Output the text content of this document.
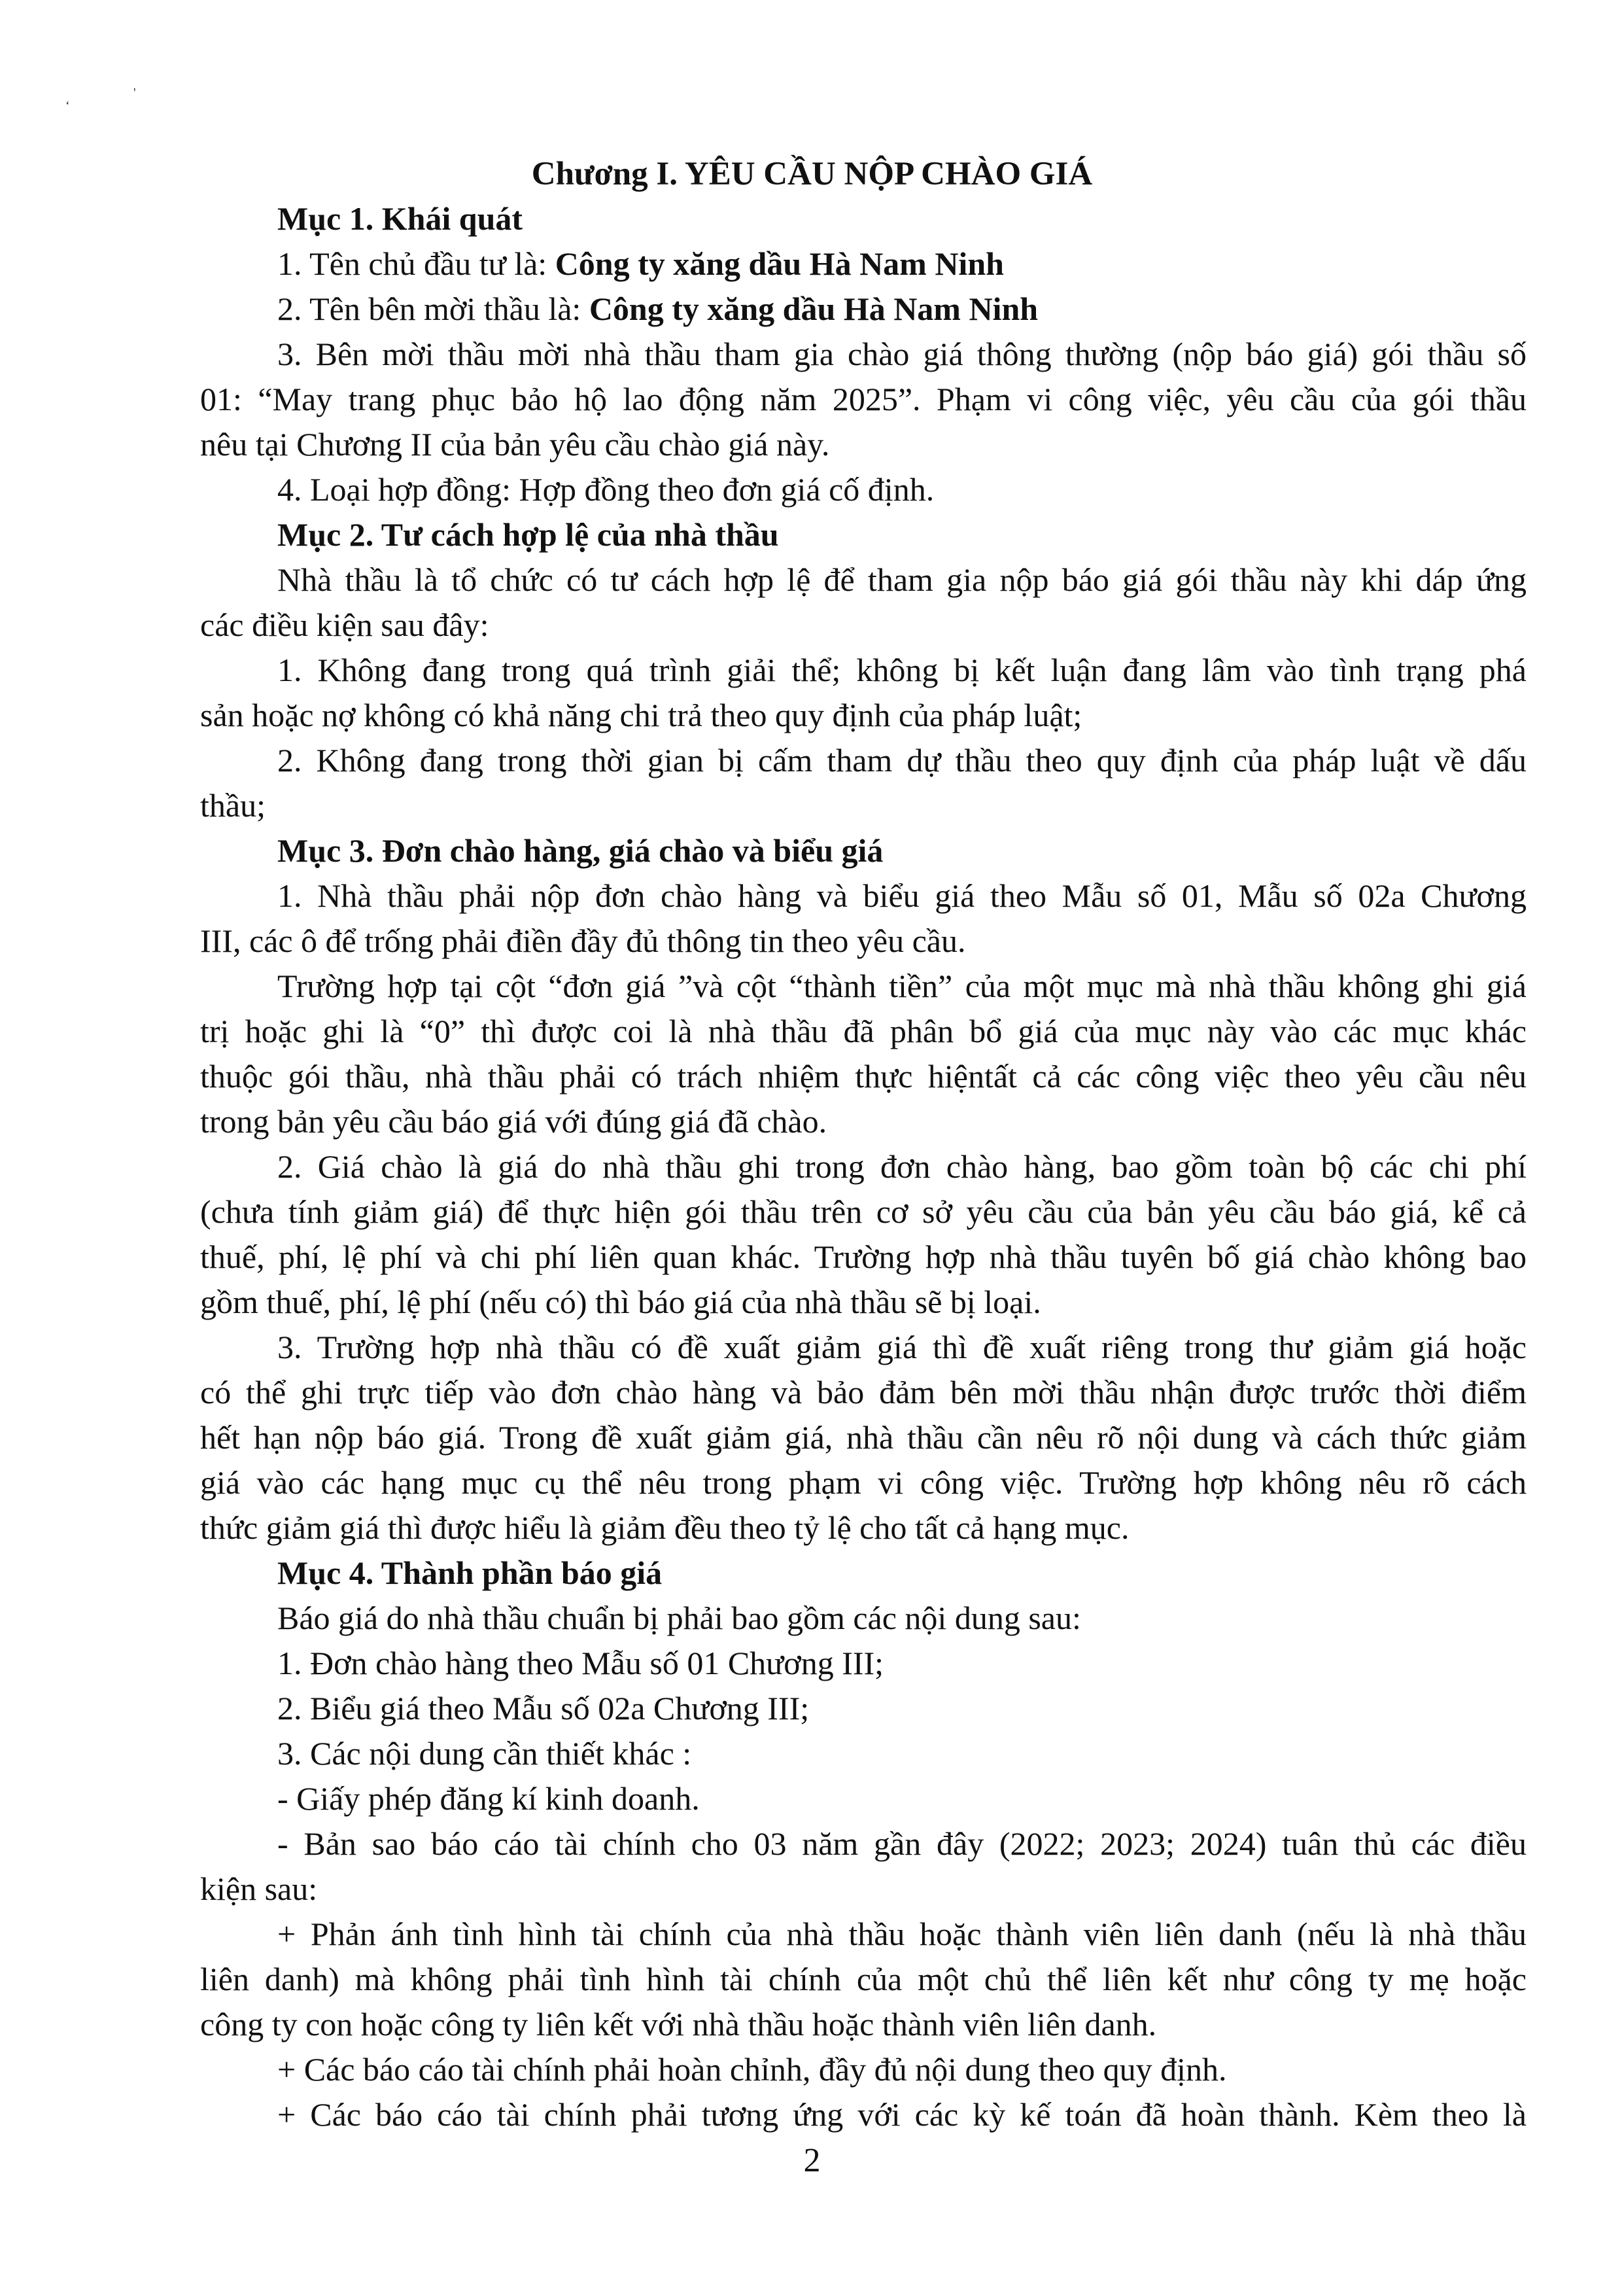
‘
'
Chương I. YÊU CẦU NỘP CHÀO GIÁ
Mục 1. Khái quát
1. Tên chủ đầu tư là: Công ty xăng dầu Hà Nam Ninh
2. Tên bên mời thầu là: Công ty xăng dầu Hà Nam Ninh
3. Bên mời thầu mời nhà thầu tham gia chào giá thông thường (nộp báo giá) gói thầu số
01: “May trang phục bảo hộ lao động năm 2025”. Phạm vi công việc, yêu cầu của gói thầu
nêu tại Chương II của bản yêu cầu chào giá này.
4. Loại hợp đồng: Hợp đồng theo đơn giá cố định.
Mục 2. Tư cách hợp lệ của nhà thầu
Nhà thầu là tổ chức có tư cách hợp lệ để tham gia nộp báo giá gói thầu này khi dáp ứng
các điều kiện sau đây:
1. Không đang trong quá trình giải thể; không bị kết luận đang lâm vào tình trạng phá
sản hoặc nợ không có khả năng chi trả theo quy định của pháp luật;
2. Không đang trong thời gian bị cấm tham dự thầu theo quy định của pháp luật về dấu
thầu;
Mục 3. Đơn chào hàng, giá chào và biểu giá
1. Nhà thầu phải nộp đơn chào hàng và biểu giá theo Mẫu số 01, Mẫu số 02a Chương
III, các ô để trống phải điền đầy đủ thông tin theo yêu cầu.
Trường hợp tại cột “đơn giá ”và cột “thành tiền” của một mục mà nhà thầu không ghi giá
trị hoặc ghi là “0” thì được coi là nhà thầu đã phân bổ giá của mục này vào các mục khác
thuộc gói thầu, nhà thầu phải có trách nhiệm thực hiệntất cả các công việc theo yêu cầu nêu
trong bản yêu cầu báo giá với đúng giá đã chào.
2. Giá chào là giá do nhà thầu ghi trong đơn chào hàng, bao gồm toàn bộ các chi phí
(chưa tính giảm giá) để thực hiện gói thầu trên cơ sở yêu cầu của bản yêu cầu báo giá, kể cả
thuế, phí, lệ phí và chi phí liên quan khác. Trường hợp nhà thầu tuyên bố giá chào không bao
gồm thuế, phí, lệ phí (nếu có) thì báo giá của nhà thầu sẽ bị loại.
3. Trường hợp nhà thầu có đề xuất giảm giá thì đề xuất riêng trong thư giảm giá hoặc
có thể ghi trực tiếp vào đơn chào hàng và bảo đảm bên mời thầu nhận được trước thời điểm
hết hạn nộp báo giá. Trong đề xuất giảm giá, nhà thầu cần nêu rõ nội dung và cách thức giảm
giá vào các hạng mục cụ thể nêu trong phạm vi công việc. Trường hợp không nêu rõ cách
thức giảm giá thì được hiểu là giảm đều theo tỷ lệ cho tất cả hạng mục.
Mục 4. Thành phần báo giá
Báo giá do nhà thầu chuẩn bị phải bao gồm các nội dung sau:
1. Đơn chào hàng theo Mẫu số 01 Chương III;
2. Biểu giá theo Mẫu số 02a Chương III;
3. Các nội dung cần thiết khác :
- Giấy phép đăng kí kinh doanh.
- Bản sao báo cáo tài chính cho 03 năm gần đây (2022; 2023; 2024) tuân thủ các điều
kiện sau:
+ Phản ánh tình hình tài chính của nhà thầu hoặc thành viên liên danh (nếu là nhà thầu
liên danh) mà không phải tình hình tài chính của một chủ thể liên kết như công ty mẹ hoặc
công ty con hoặc công ty liên kết với nhà thầu hoặc thành viên liên danh.
+ Các báo cáo tài chính phải hoàn chỉnh, đầy đủ nội dung theo quy định.
+ Các báo cáo tài chính phải tương ứng với các kỳ kế toán đã hoàn thành. Kèm theo là
2
